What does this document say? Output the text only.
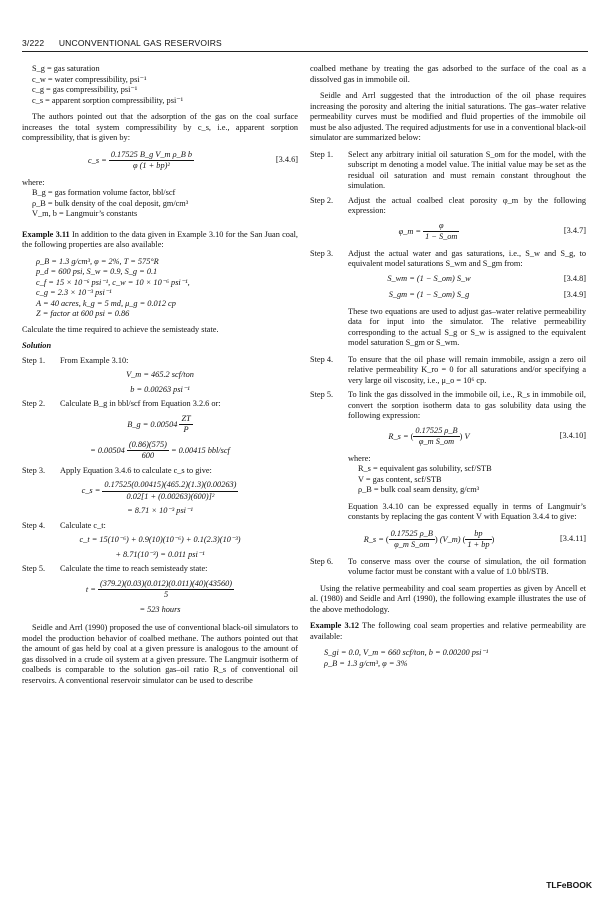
3/222 UNCONVENTIONAL GAS RESERVOIRS
S_g = gas saturation
c_w = water compressibility, psi⁻¹
c_g = gas compressibility, psi⁻¹
c_s = apparent sorption compressibility, psi⁻¹

The authors pointed out that the adsorption of the gas on the coal surface increases the total system compressibility by c_s, i.e., apparent sorption compressibility, that is given by:

c_s = $\frac{\text{0.17525 B\_g V\_m ρ\_B b}}{\text{φ (1 + bp)²}}$	[3.4.6]
where:
B_g = gas formation volume factor, bbl/scf
ρ_B = bulk density of the coal deposit, gm/cm³
V_m, b = Langmuir’s constants

Example 3.11 In addition to the data given in Example 3.10 for the San Juan coal, the following properties are also available:

ρ_B = 1.3 g/cm³, φ = 2%, T = 575°R
p_d = 600 psi, S_w = 0.9, S_g = 0.1
c_f = 15 × 10⁻⁶ psi⁻¹, c_w = 10 × 10⁻⁶ psi⁻¹,
c_g = 2.3 × 10⁻³ psi⁻¹
A = 40 acres, k_g = 5 md, μ_g = 0.012 cp
Z = factor at 600 psi = 0.86

Calculate the time required to achieve the semisteady state.

Solution
Step 1.	From Example 3.10:
V_m = 465.2 scf/ton
b = 0.00263 psi⁻¹
Step 2.	Calculate B_g in bbl/scf from Equation 3.2.6 or:
B_g = $0.00504 \frac{ZT}{P}$
= $0.00504 \frac{(0.86)(575)}{600} = 0.00415$ bbl/scf
Step 3.	Apply Equation 3.4.6 to calculate c_s to give:
c_s = $\frac{0.17525(0.00415)(465.2)(1.3)(0.00263)}{\text{0.02[1 + (0.00263)(600)]²}}$
= 8.71 × 10⁻³ psi⁻¹
Step 4.	Calculate c_t:
c_t = 15(10⁻⁶) + 0.9(10)(10⁻⁶) + 0.1(2.3)(10⁻³)
+ 8.71(10⁻³) = 0.011 psi⁻¹
Step 5.	Calculate the time to reach semisteady state:
$t = \frac{(379.2)(0.03)(0.012)(0.011)(40)(43560)}{5}$
= 523 hours

Seidle and Arrl (1990) proposed the use of conventional black-oil simulators to model the production behavior of coalbed methane. The authors pointed out that the amount of gas held by coal at a given pressure is analogous to the amount of gas dissolved in a crude oil system at a given pressure. The Langmuir isotherm of coalbeds is comparable to the solution gas–oil ratio R_s of conventional oil reservoirs. A conventional reservoir simulator can be used to describe

coalbed methane by treating the gas adsorbed to the surface of the coal as a dissolved gas in immobile oil.

Seidle and Arrl suggested that the introduction of the oil phase requires increasing the porosity and altering the initial saturations. The gas–water relative permeability curves must be modified and fluid properties of the immobile oil must be also adjusted. The required adjustments for use in a conventional black-oil simulator are summarized below:

Step 1.	Select any arbitrary initial oil saturation S_om for the model, with the subscript m denoting a model value. The initial value may be set as the residual oil saturation and must remain constant throughout the simulation.
Step 2.	Adjust the actual coalbed cleat porosity φ_m by the following expression:
φ_m = $\frac{\varphi}{1 - S\_om}$	[3.4.7]
Step 3.	Adjust the actual water and gas saturations, i.e., S_w and S_g, to equivalent model saturations S_wm and S_gm from:
S_wm = (1 − S_om) S_w	[3.4.8]
S_gm = (1 − S_om) S_g	[3.4.9]

These two equations are used to adjust gas–water relative permeability data for input into the simulator. The relative permeability corresponding to the actual S_g or S_w is assigned to the equivalent model saturation S_gm or S_wm.

Step 4.	To ensure that the oil phase will remain immobile, assign a zero oil relative permeability K_ro = 0 for all saturations and/or specifying a very large oil viscosity, i.e., μ_o = 10⁶ cp.
Step 5.	To link the gas dissolved in the immobile oil, i.e., R_s in immobile oil, convert the sorption isotherm data to gas solubility data using the following expression:
R_s = ( $\frac{0.17525 \rho\_B}{\text{φ\_m S\_om}}$ ) V	[3.4.10]
where:
R_s = equivalent gas solubility, scf/STB
V = gas content, scf/STB
ρ_B = bulk coal seam density, g/cm³

Equation 3.4.10 can be expressed equally in terms of Langmuir’s constants by replacing the gas content V with Equation 3.4.4 to give:

R_s = ( $\frac{0.17525 \rho\_B}{\text{φ\_m S\_om}}$ ) (V_m) ( $\frac{bp}{1 + bp}$ )	[3.4.11]
Step 6.	To conserve mass over the course of simulation, the oil formation volume factor must be constant with a value of 1.0 bbl/STB.

Using the relative permeability and coal seam properties as given by Ancell et al. (1980) and Seidle and Arrl (1990), the following example illustrates the use of the above methodology.

Example 3.12 The following coal seam properties and relative permeability are available:

S_gi = 0.0, V_m = 660 scf/ton, b = 0.00200 psi⁻¹
ρ_B = 1.3 g/cm³, φ = 3%
TLFeBOOK
